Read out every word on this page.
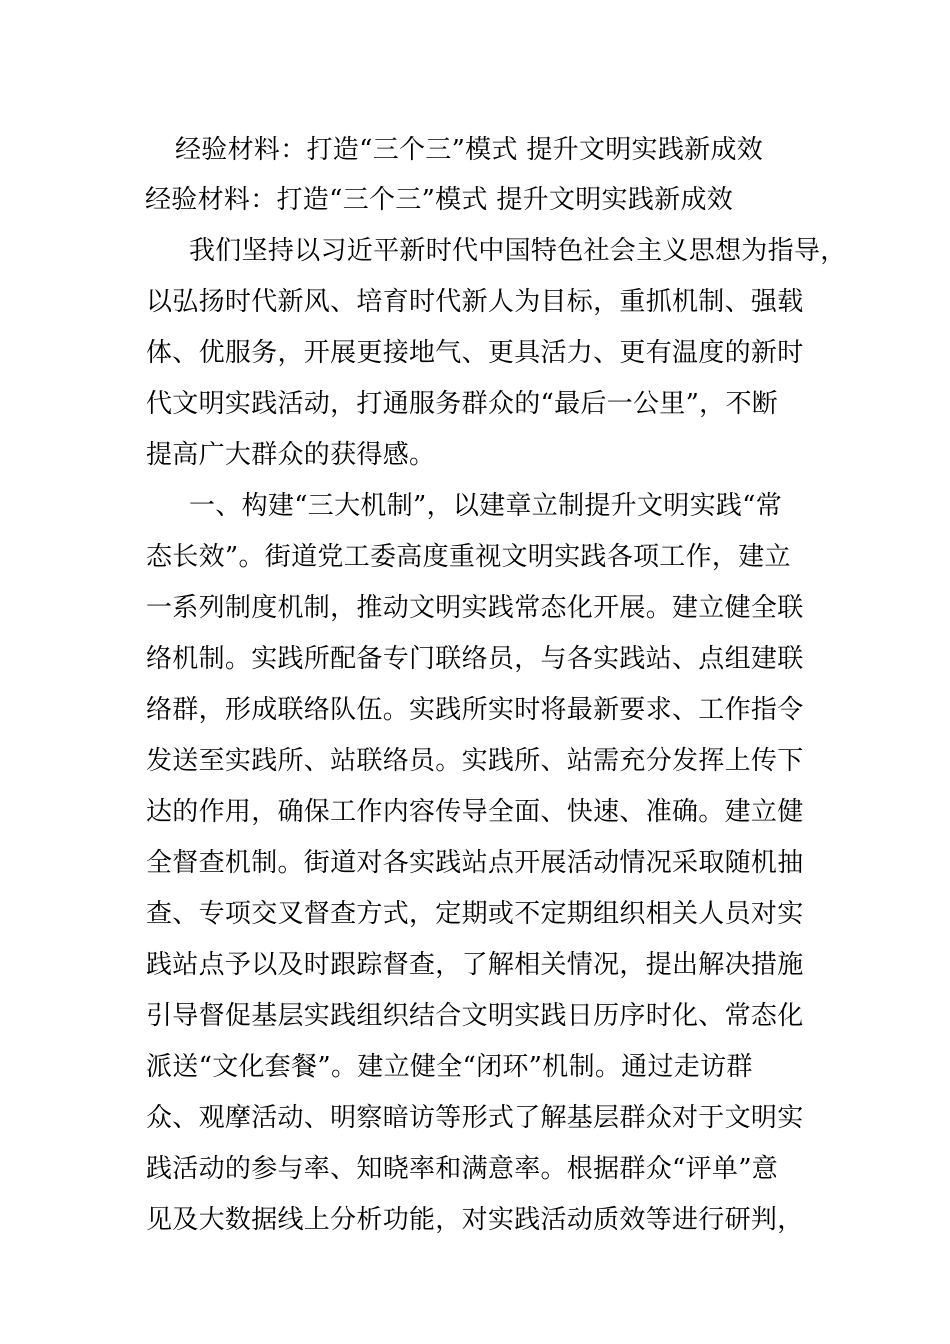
经验材料：打造“三个三”模式 提升文明实践新成效
经验材料：打造“三个三”模式 提升文明实践新成效
我们坚持以习近平新时代中国特色社会主义思想为指导，
以弘扬时代新风、培育时代新人为目标，重抓机制、强载
体、优服务，开展更接地气、更具活力、更有温度的新时
代文明实践活动，打通服务群众的“最后一公里”，不断
提高广大群众的获得感。
一、构建“三大机制”，以建章立制提升文明实践“常
态长效”。街道党工委高度重视文明实践各项工作，建立
一系列制度机制，推动文明实践常态化开展。建立健全联
络机制。实践所配备专门联络员，与各实践站、点组建联
络群，形成联络队伍。实践所实时将最新要求、工作指令
发送至实践所、站联络员。实践所、站需充分发挥上传下
达的作用，确保工作内容传导全面、快速、准确。建立健
全督查机制。街道对各实践站点开展活动情况采取随机抽
查、专项交叉督查方式，定期或不定期组织相关人员对实
践站点予以及时跟踪督查，了解相关情况，提出解决措施
引导督促基层实践组织结合文明实践日历序时化、常态化
派送“文化套餐”。建立健全“闭环”机制。通过走访群
众、观摩活动、明察暗访等形式了解基层群众对于文明实
践活动的参与率、知晓率和满意率。根据群众“评单”意
见及大数据线上分析功能，对实践活动质效等进行研判，
